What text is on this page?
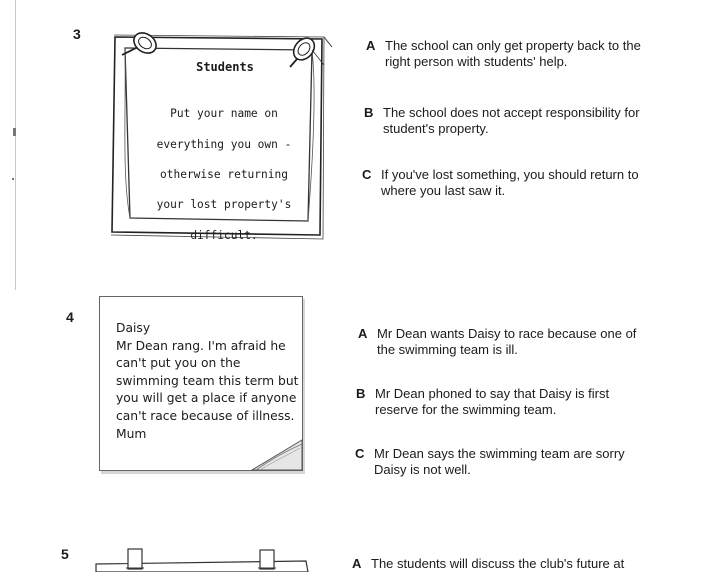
3
Students

Put your name on

everything you own -

otherwise returning

your lost property's

difficult.

A The school can only get property back to the right person with students' help.
B The school does not accept responsibility for student's property.
C If you've lost something, you should return to where you last saw it.
4
Daisy
Mr Dean rang. I'm afraid he
can't put you on the
swimming team this term but
you will get a place if anyone
can't race because of illness.
Mum
A Mr Dean wants Daisy to race because one of the swimming team is ill.
B Mr Dean phoned to say that Daisy is first reserve for the swimming team.
C Mr Dean says the swimming team are sorry Daisy is not well.
5
A The students will discuss the club's future at
